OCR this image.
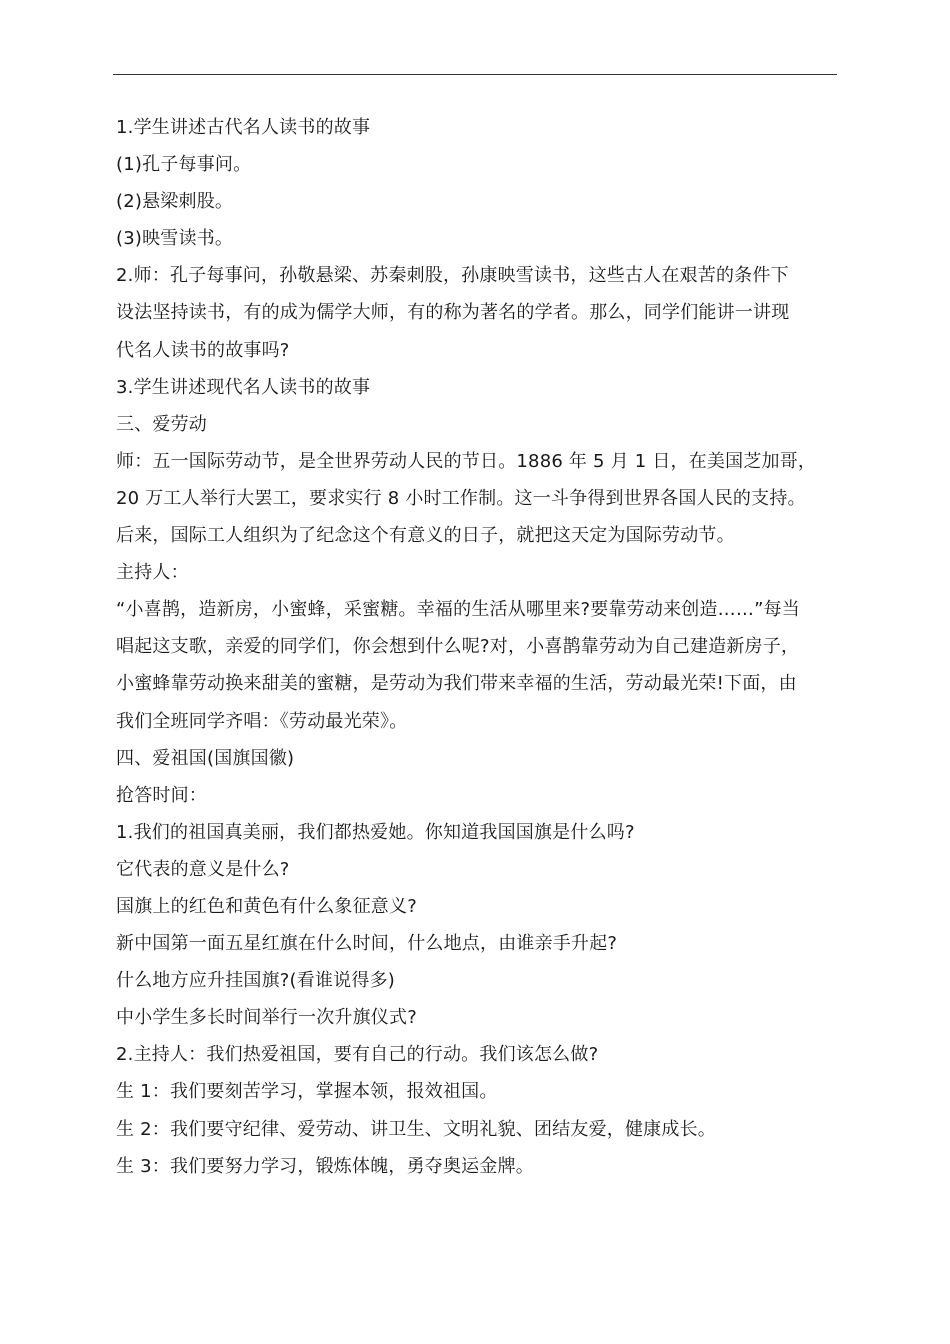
1.学生讲述古代名人读书的故事
(1)孔子每事问。
(2)悬梁刺股。
(3)映雪读书。
2.师：孔子每事问，孙敬悬梁、苏秦刺股，孙康映雪读书，这些古人在艰苦的条件下
设法坚持读书，有的成为儒学大师，有的称为著名的学者。那么，同学们能讲一讲现
代名人读书的故事吗?
3.学生讲述现代名人读书的故事
三、爱劳动
师：五一国际劳动节，是全世界劳动人民的节日。1886 年 5 月 1 日，在美国芝加哥，
20 万工人举行大罢工，要求实行 8 小时工作制。这一斗争得到世界各国人民的支持。
后来，国际工人组织为了纪念这个有意义的日子，就把这天定为国际劳动节。
主持人：
“小喜鹊，造新房，小蜜蜂，采蜜糖。幸福的生活从哪里来?要靠劳动来创造……”每当
唱起这支歌，亲爱的同学们，你会想到什么呢?对，小喜鹊靠劳动为自己建造新房子，
小蜜蜂靠劳动换来甜美的蜜糖，是劳动为我们带来幸福的生活，劳动最光荣!下面，由
我们全班同学齐唱：《劳动最光荣》。
四、爱祖国(国旗国徽)
抢答时间：
1.我们的祖国真美丽，我们都热爱她。你知道我国国旗是什么吗?
它代表的意义是什么?
国旗上的红色和黄色有什么象征意义?
新中国第一面五星红旗在什么时间，什么地点，由谁亲手升起?
什么地方应升挂国旗?(看谁说得多)
中小学生多长时间举行一次升旗仪式?
2.主持人：我们热爱祖国，要有自己的行动。我们该怎么做?
生 1：我们要刻苦学习，掌握本领，报效祖国。
生 2：我们要守纪律、爱劳动、讲卫生、文明礼貌、团结友爱，健康成长。
生 3：我们要努力学习，锻炼体魄，勇夺奥运金牌。
